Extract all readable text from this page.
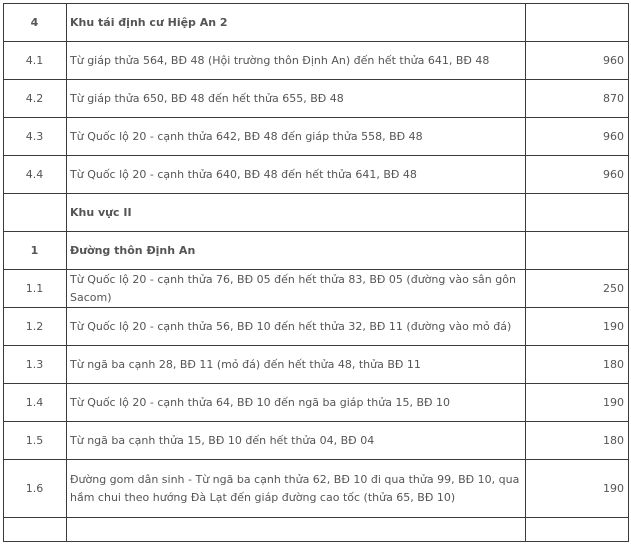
4	Khu tái định cư Hiệp An 2	
4.1	Từ giáp thửa 564, BĐ 48 (Hội trường thôn Định An) đến hết thửa 641, BĐ 48	960
4.2	Từ giáp thửa 650, BĐ 48 đến hết thửa 655, BĐ 48	870
4.3	Từ Quốc lộ 20 - cạnh thửa 642, BĐ 48 đến giáp thửa 558, BĐ 48	960
4.4	Từ Quốc lộ 20 - cạnh thửa 640, BĐ 48 đến hết thửa 641, BĐ 48	960
	Khu vực II	
1	Đường thôn Định An	
1.1	Từ Quốc lộ 20 - cạnh thửa 76, BĐ 05 đến hết thửa 83, BĐ 05 (đường vào sân gôn Sacom)	250
1.2	Từ Quốc lộ 20 - cạnh thửa 56, BĐ 10 đến hết thửa 32, BĐ 11 (đường vào mỏ đá)	190
1.3	Từ ngã ba cạnh 28, BĐ 11 (mỏ đá) đến hết thửa 48, thửa BĐ 11	180
1.4	Từ Quốc lộ 20 - cạnh thửa 64, BĐ 10 đến ngã ba giáp thửa 15, BĐ 10	190
1.5	Từ ngã ba cạnh thửa 15, BĐ 10 đến hết thửa 04, BĐ 04	180
1.6	Đường gom dân sinh - Từ ngã ba cạnh thửa 62, BĐ 10 đi qua thửa 99, BĐ 10, qua hầm chui theo hướng Đà Lạt đến giáp đường cao tốc (thửa 65, BĐ 10)	190
